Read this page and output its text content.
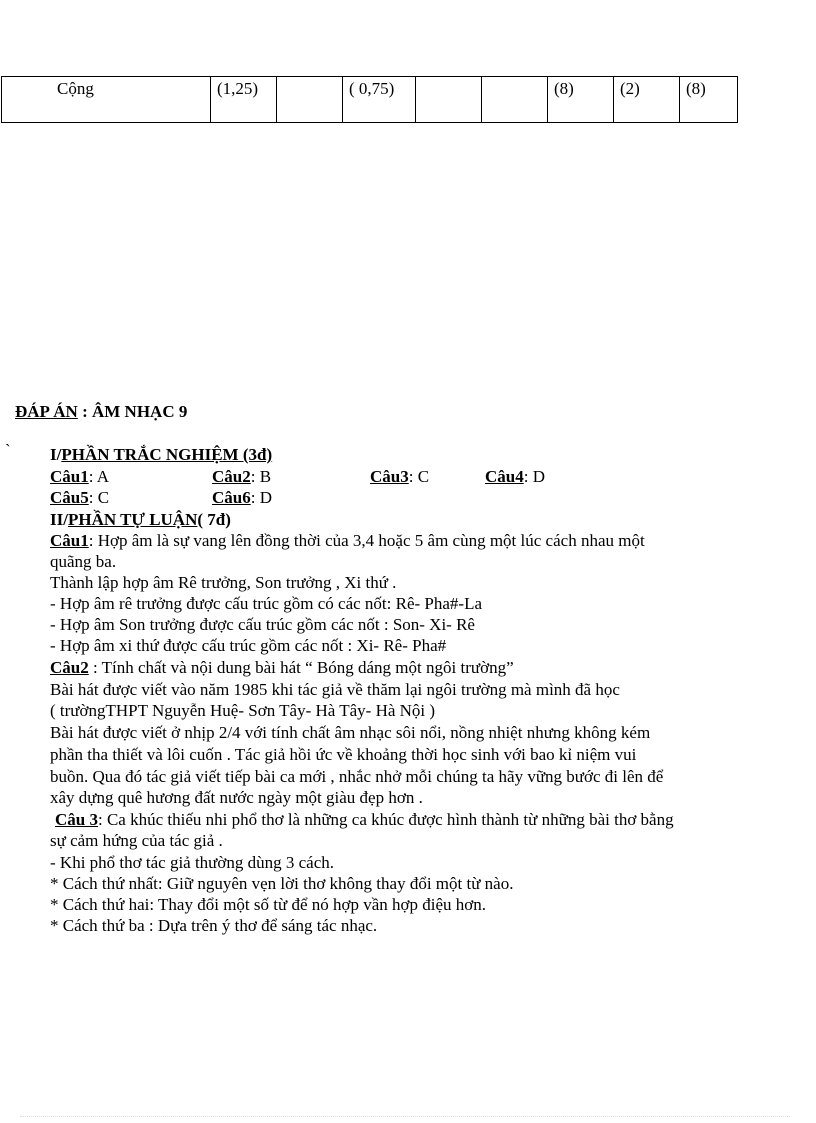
Cộng	(1,25)		( 0,75)			(8)	(2)	(8)
ĐÁP ÁN : ÂM NHẠC 9
` I/PHẦN TRẮC NGHIỆM (3đ)
Câu1: A	Câu2: B	Câu3: C	Câu4: D
Câu5: C	Câu6: D
II/PHẦN TỰ LUẬN( 7đ)
Câu1: Hợp âm là sự vang lên đồng thời của 3,4 hoặc 5 âm cùng một lúc cách nhau một
quãng ba.
Thành lập hợp âm Rê trưởng, Son trưởng , Xi thứ .
- Hợp âm rê trưởng được cấu trúc gồm có các nốt: Rê- Pha#-La
- Hợp âm Son trưởng được cấu trúc gồm các nốt : Son- Xi- Rê
- Hợp âm xi thứ được cấu trúc gồm các nốt : Xi- Rê- Pha#
Câu2 : Tính chất và nội dung bài hát “ Bóng dáng một ngôi trường”
Bài hát được viết vào năm 1985 khi tác giả về thăm lại ngôi trường mà mình đã học
( trườngTHPT Nguyễn Huệ- Sơn Tây- Hà Tây- Hà Nội )
Bài hát được viết ở nhịp 2/4 với tính chất âm nhạc sôi nổi, nồng nhiệt nhưng không kém
phần tha thiết và lôi cuốn . Tác giả hồi ức về khoảng thời học sinh với bao kỉ niệm vui
buồn. Qua đó tác giả viết tiếp bài ca mới , nhắc nhở mỗi chúng ta hãy vững bước đi lên để
xây dựng quê hương đất nước ngày một giàu đẹp hơn .
Câu 3: Ca khúc thiếu nhi phổ thơ là những ca khúc được hình thành từ những bài thơ bằng
sự cảm hứng của tác giả .
- Khi phổ thơ tác giả thường dùng 3 cách.
* Cách thứ nhất: Giữ nguyên vẹn lời thơ không thay đổi một từ nào.
* Cách thứ hai: Thay đổi một số từ để nó hợp vần hợp điệu hơn.
* Cách thứ ba : Dựa trên ý thơ để sáng tác nhạc.
